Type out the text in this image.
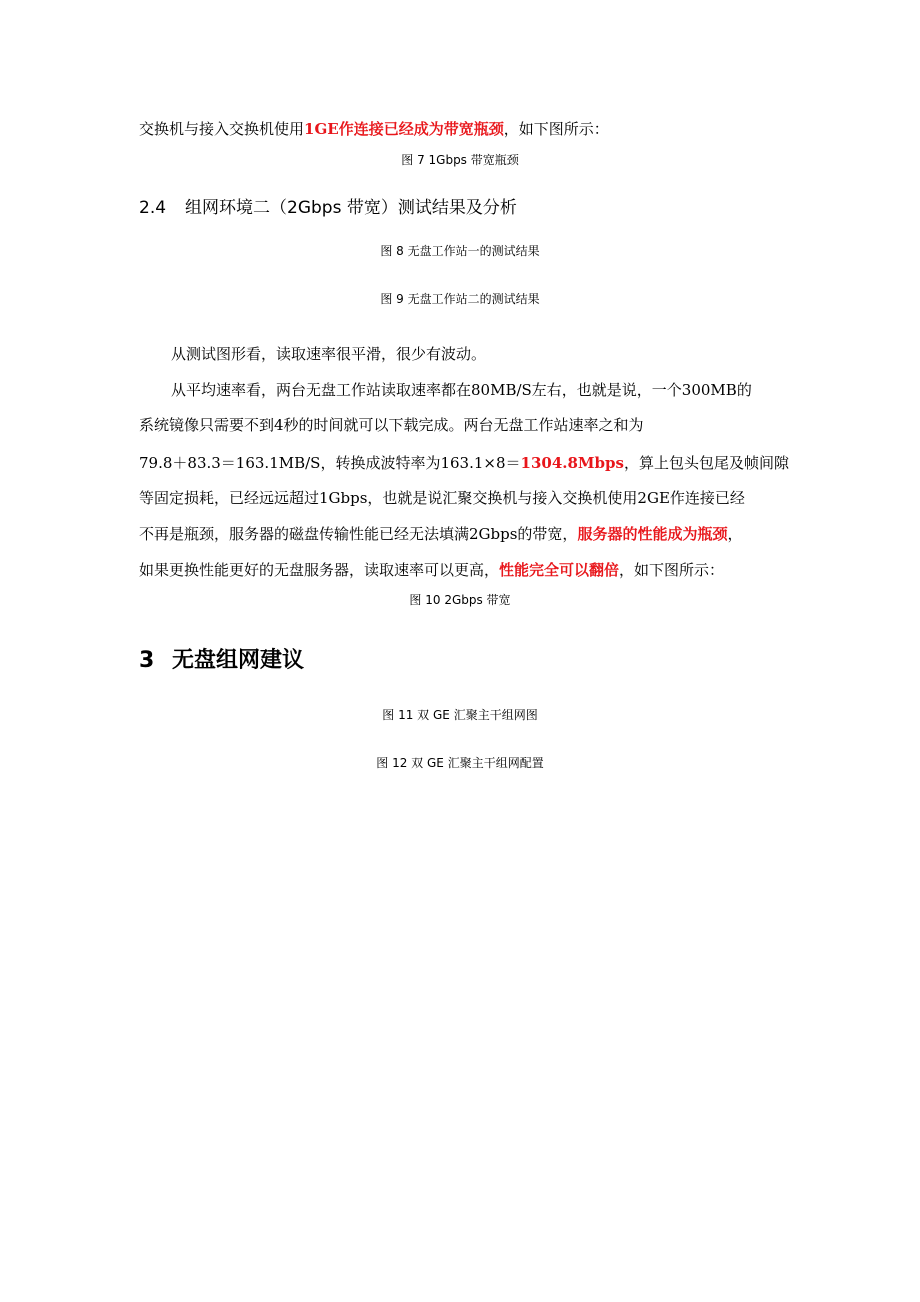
交换机与接入交换机使用1GE作连接已经成为带宽瓶颈，如下图所示：
图 7 1Gbps 带宽瓶颈
2.4 组网环境二（2Gbps 带宽）测试结果及分析
图 8 无盘工作站一的测试结果
图 9 无盘工作站二的测试结果
从测试图形看，读取速率很平滑，很少有波动。
从平均速率看，两台无盘工作站读取速率都在80MB/S左右，也就是说，一个300MB的
系统镜像只需要不到4秒的时间就可以下载完成。两台无盘工作站速率之和为
79.8＋83.3＝163.1MB/S，转换成波特率为163.1×8＝1304.8Mbps，算上包头包尾及帧间隙
等固定损耗，已经远远超过1Gbps，也就是说汇聚交换机与接入交换机使用2GE作连接已经
不再是瓶颈，服务器的磁盘传输性能已经无法填满2Gbps的带宽，服务器的性能成为瓶颈，
如果更换性能更好的无盘服务器，读取速率可以更高，性能完全可以翻倍，如下图所示：
图 10 2Gbps 带宽
3 无盘组网建议
图 11 双 GE 汇聚主干组网图
图 12 双 GE 汇聚主干组网配置
